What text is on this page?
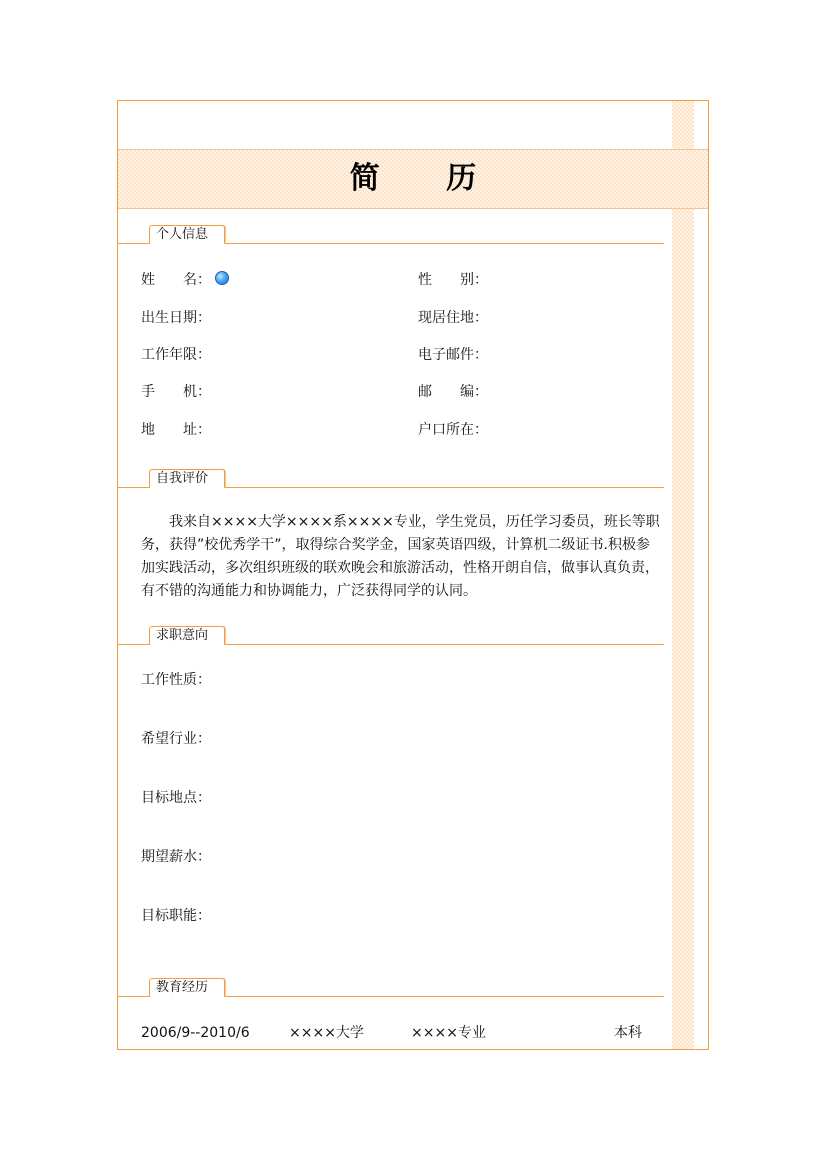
简 历
个人信息
姓　　名：	性　　别：
出生日期：	现居住地：
工作年限：	电子邮件：
手　　机：	邮　　编：
地　　址：	户口所在：
自我评价
我来自××××大学××××系××××专业，学生党员，历任学习委员，班长等职务，获得”校优秀学干”，取得综合奖学金，国家英语四级，计算机二级证书.积极参加实践活动，多次组织班级的联欢晚会和旅游活动，性格开朗自信，做事认真负责，有不错的沟通能力和协调能力，广泛获得同学的认同。
求职意向
工作性质：
希望行业：
目标地点：
期望薪水：
目标职能：
教育经历
2006/9--2010/6	××××大学	××××专业	本科
